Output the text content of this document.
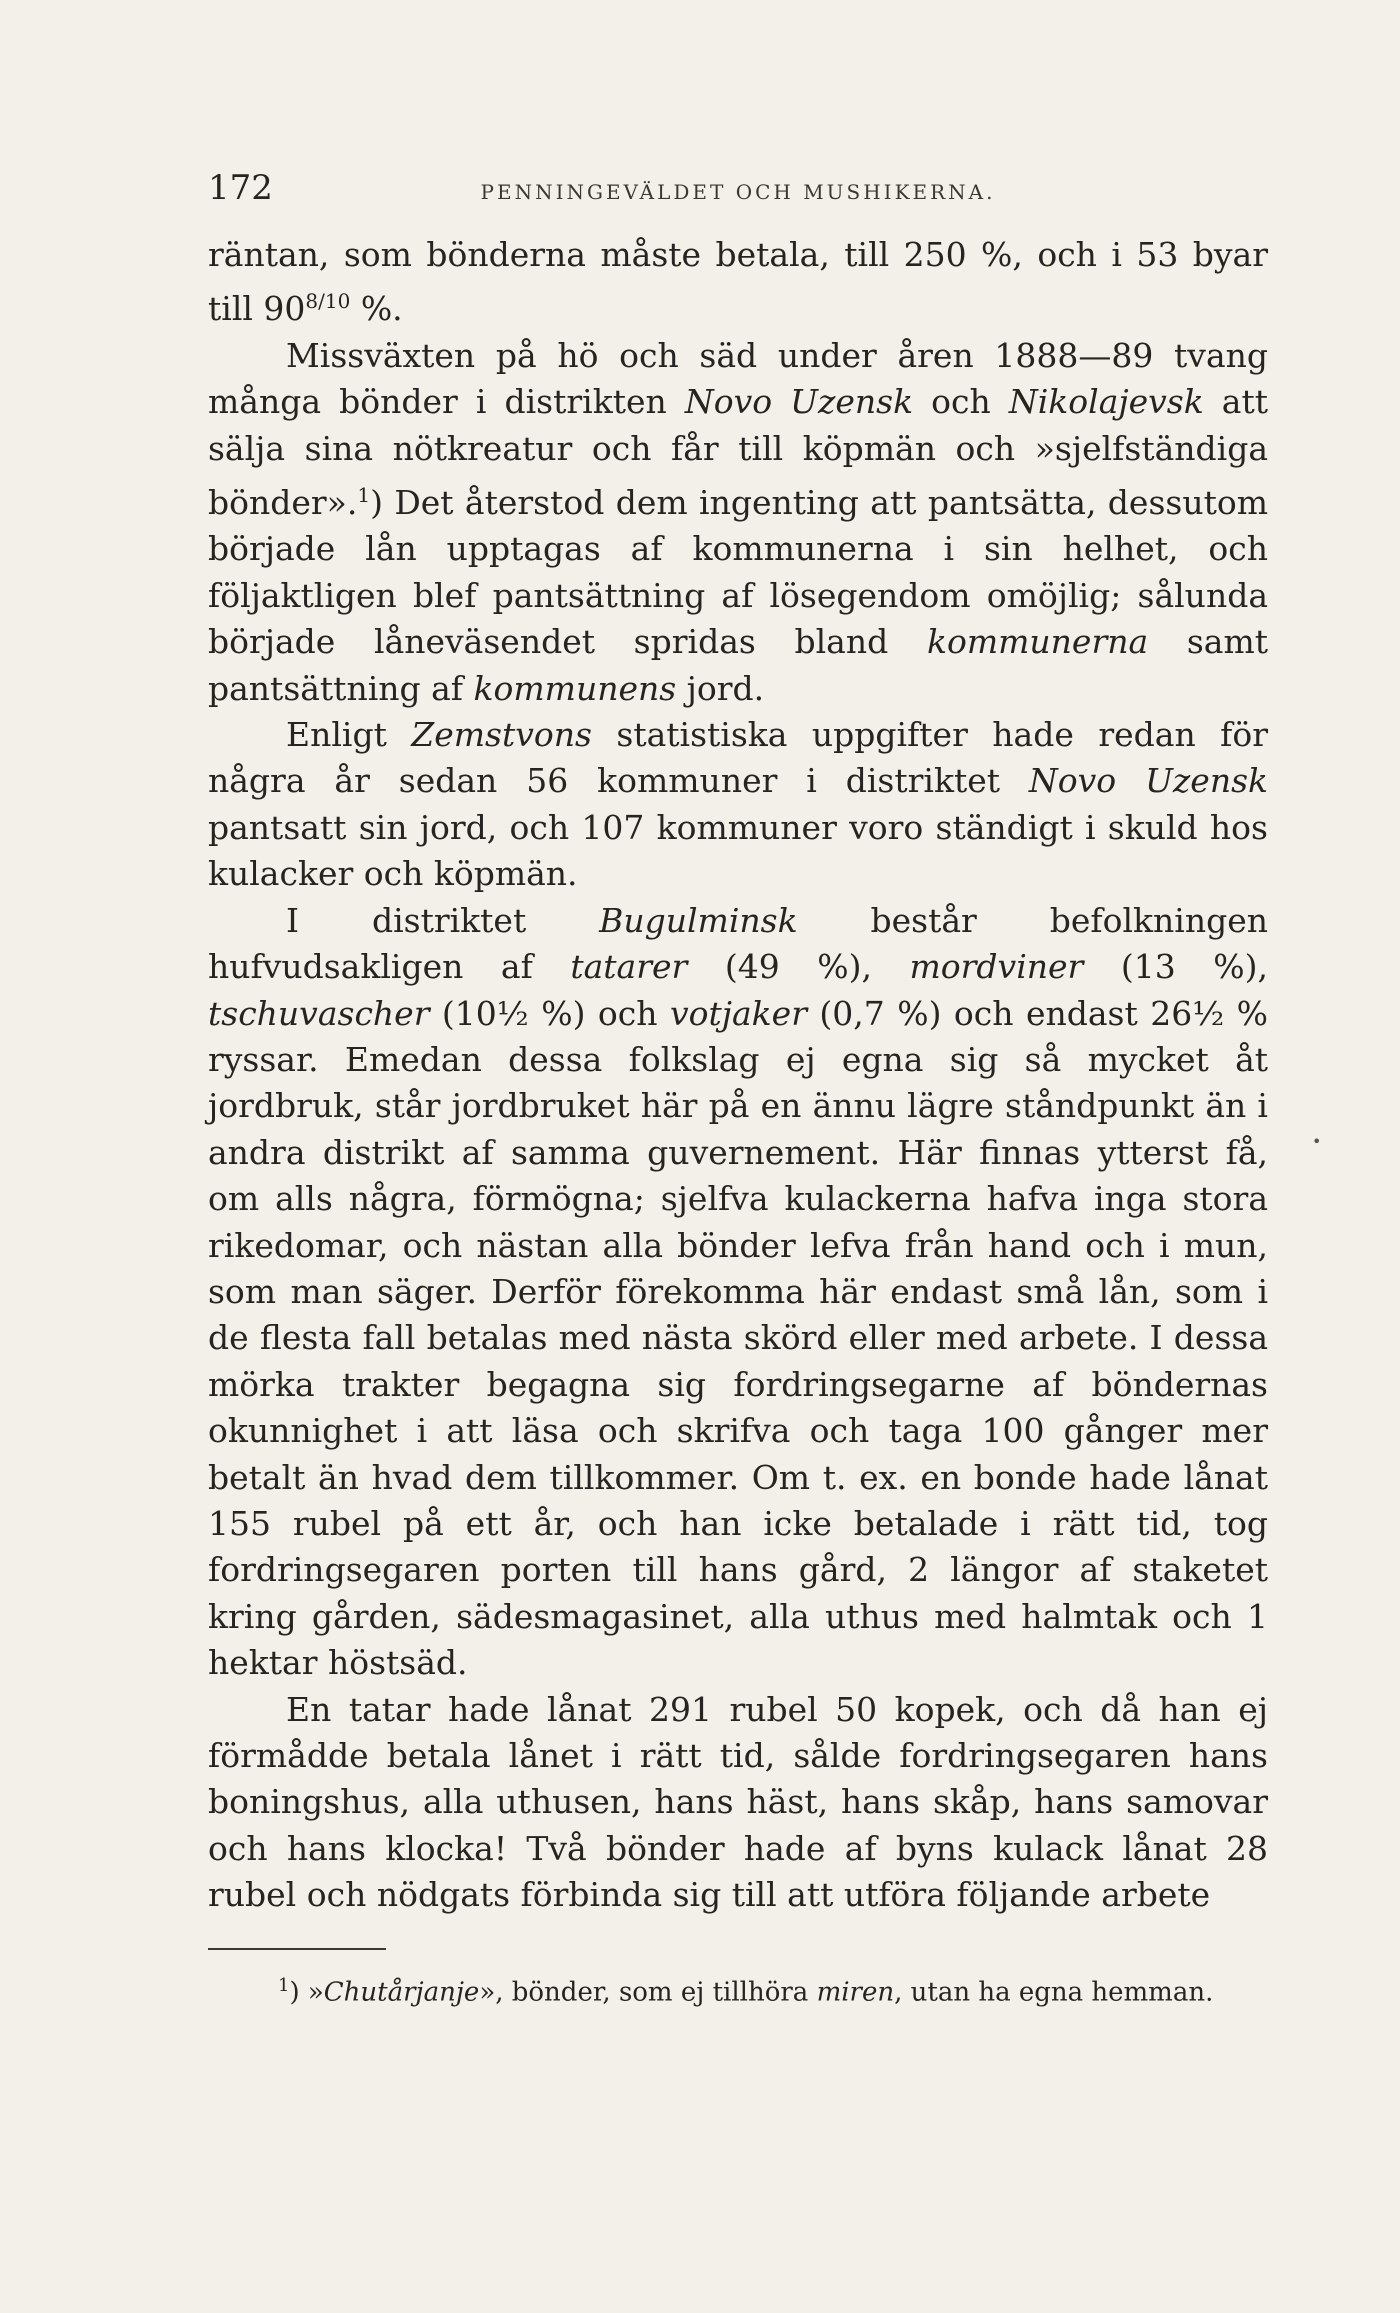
172	PENNINGEVÄLDET OCH MUSHIKERNA.

räntan, som bönderna måste betala, till 250 %, och i 53 byar till $90^{8/10}$ %.

Missväxten på hö och säd under åren 1888—89 tvang många bönder i distrikten Novo Uzensk och Nikolajevsk att sälja sina nötkreatur och får till köpmän och »sjelfständiga bönder».$^1$) Det återstod dem ingenting att pantsätta, dessutom började lån upptagas af kommunerna i sin helhet, och följaktligen blef pantsättning af lösegendom omöjlig; sålunda började låneväsendet spridas bland kommunerna samt pantsättning af kommunens jord.

Enligt Zemstvons statistiska uppgifter hade redan för några år sedan 56 kommuner i distriktet Novo Uzensk pantsatt sin jord, och 107 kommuner voro ständigt i skuld hos kulacker och köpmän.

I distriktet Bugulminsk består befolkningen hufvudsakligen af tatarer (49 %), mordviner (13 %), tschuvascher (10½ %) och votjaker (0,7 %) och endast 26½ % ryssar. Emedan dessa folkslag ej egna sig så mycket åt jordbruk, står jordbruket här på en ännu lägre ståndpunkt än i andra distrikt af samma guvernement. Här finnas ytterst få, om alls några, förmögna; sjelfva kulackerna hafva inga stora rikedomar, och nästan alla bönder lefva från hand och i mun, som man säger. Derför förekomma här endast små lån, som i de flesta fall betalas med nästa skörd eller med arbete. I dessa mörka trakter begagna sig fordringsegarne af böndernas okunnighet i att läsa och skrifva och taga 100 gånger mer betalt än hvad dem tillkommer. Om t. ex. en bonde hade lånat 155 rubel på ett år, och han icke betalade i rätt tid, tog fordringsegaren porten till hans gård, 2 längor af staketet kring gården, sädesmagasinet, alla uthus med halmtak och 1 hektar höstsäd.

En tatar hade lånat 291 rubel 50 kopek, och då han ej förmådde betala lånet i rätt tid, sålde fordringsegaren hans boningshus, alla uthusen, hans häst, hans skåp, hans samovar och hans klocka! Två bönder hade af byns kulack lånat 28 rubel och nödgats förbinda sig till att utföra följande arbete

•
$^1$) »Chutårjanje», bönder, som ej tillhöra miren, utan ha egna hemman.
